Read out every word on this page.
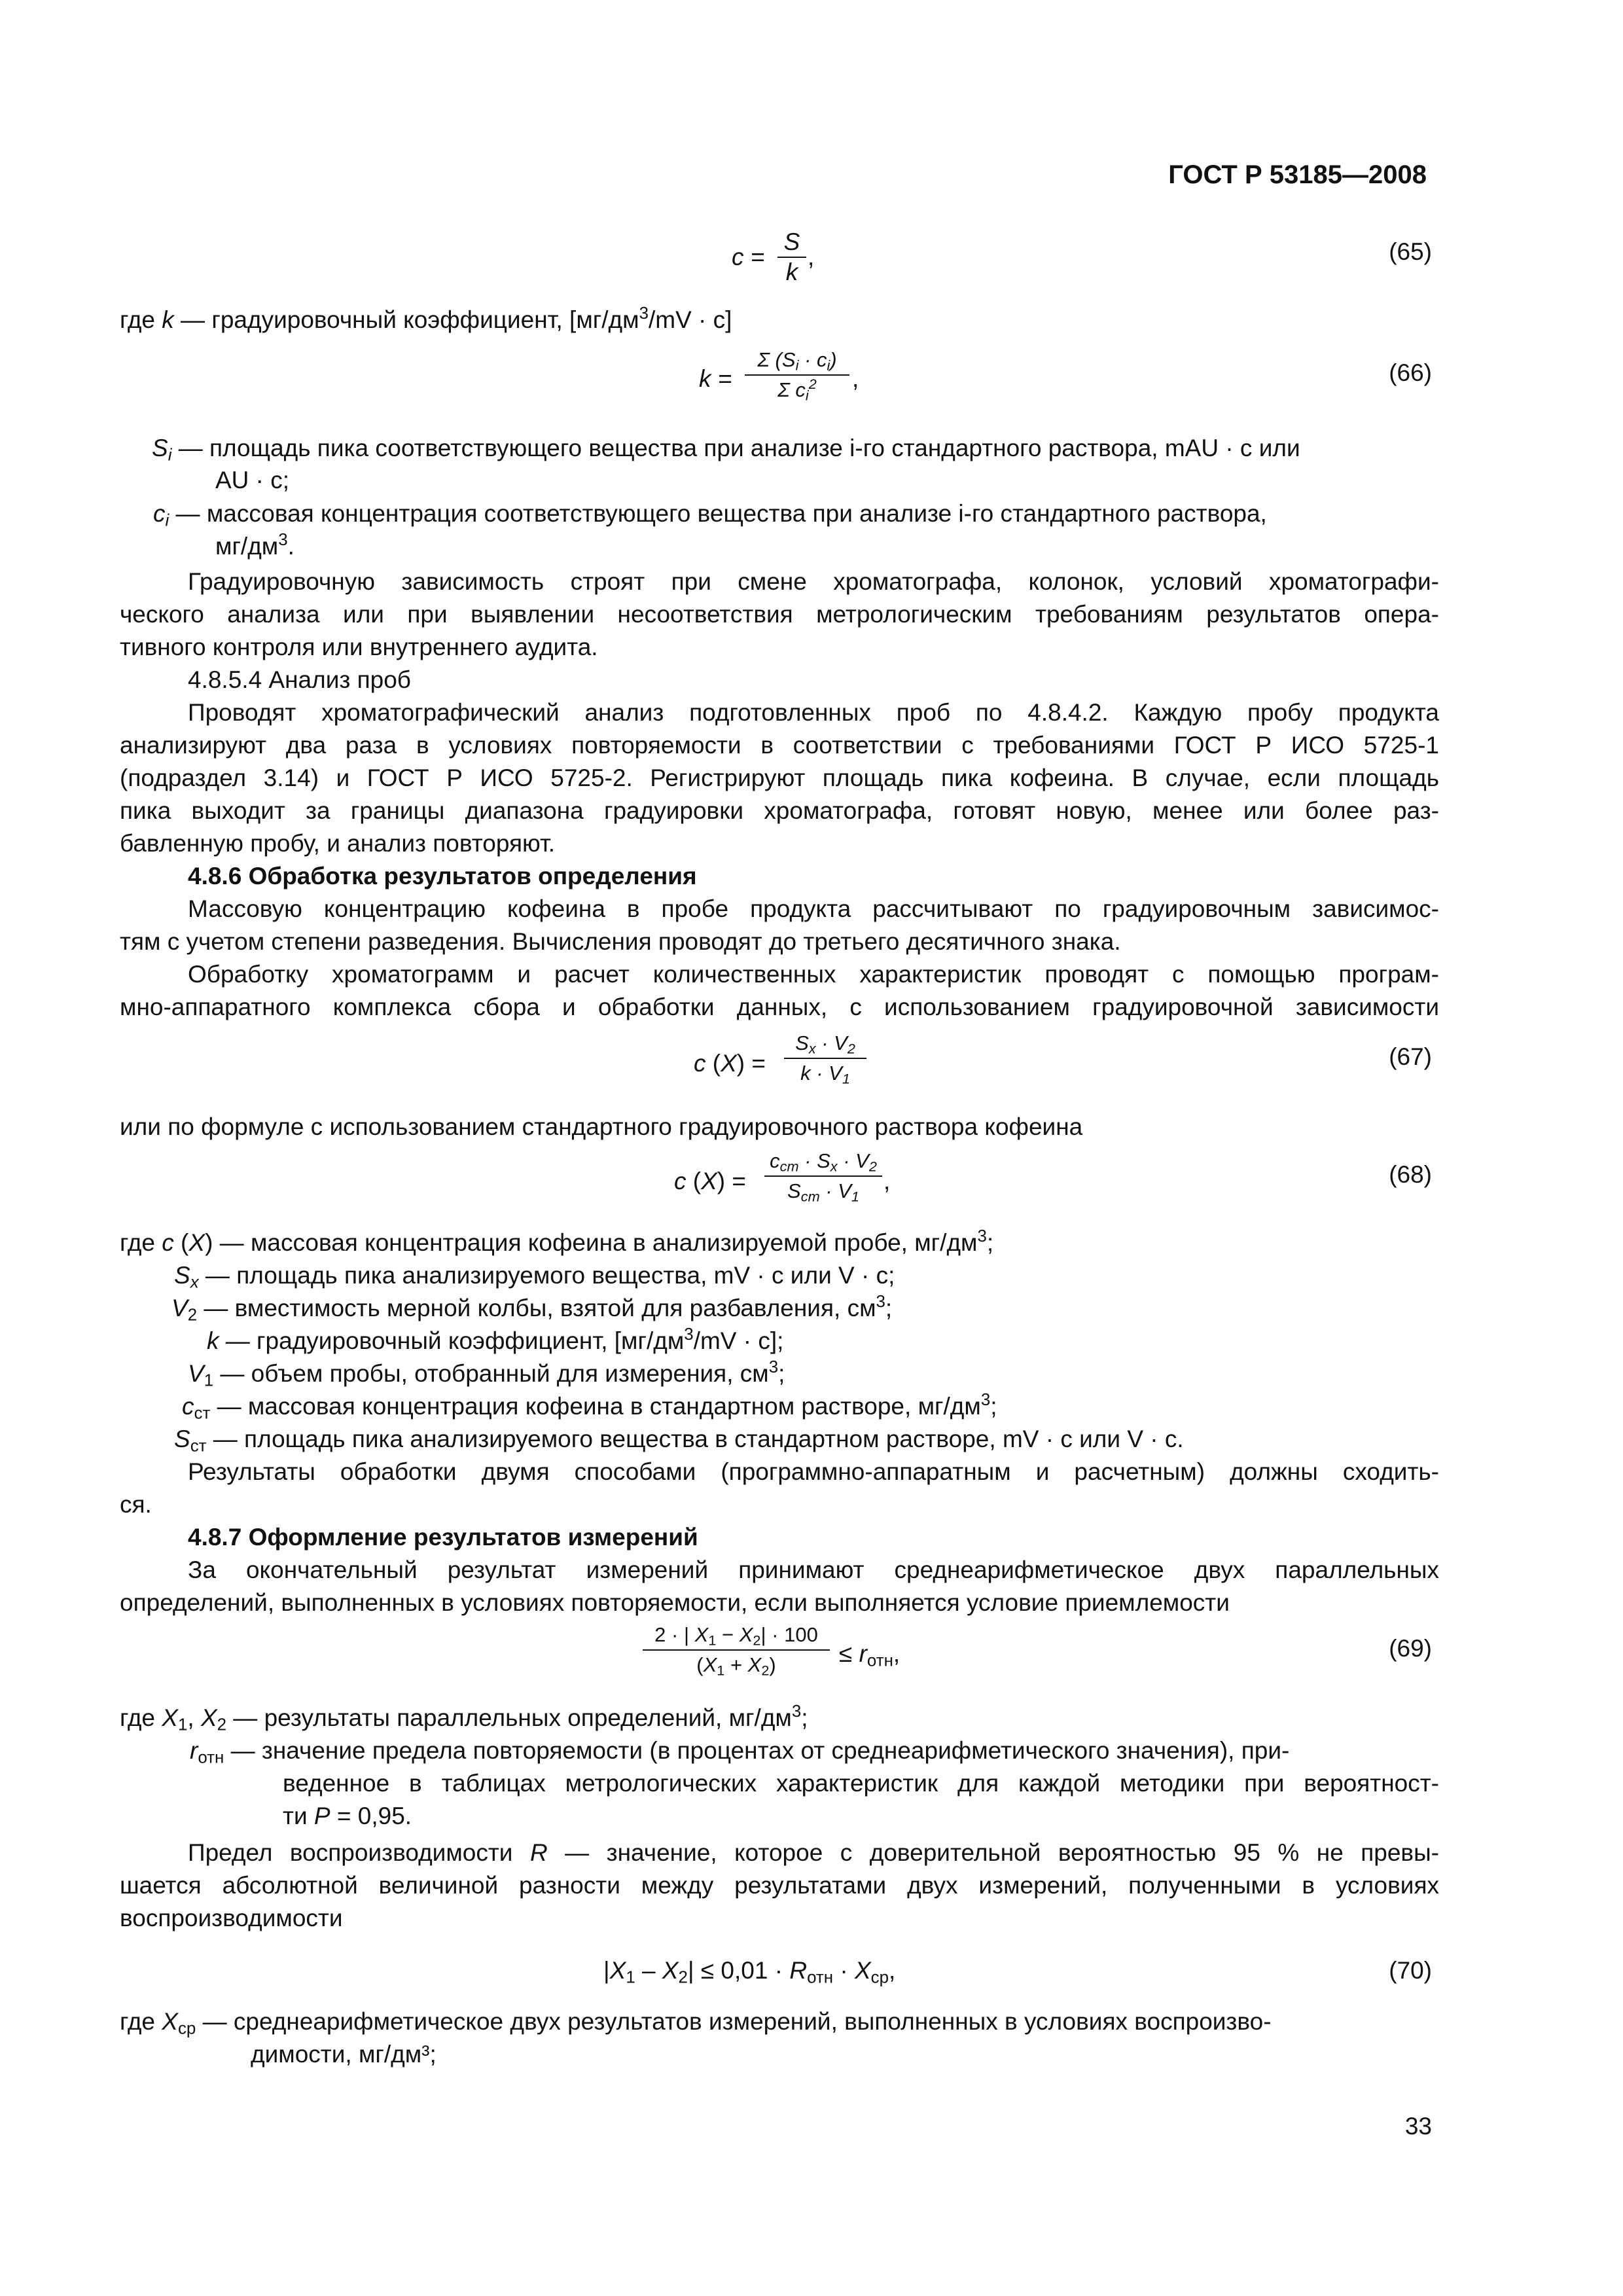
ГОСТ Р 53185—2008
$c = \frac{S}{k}$ ,	(65)
где k — градуировочный коэффициент, $[мг/дм^3/mV \cdot c]$
$k = \frac{\Sigma (S_i \cdot c_i)}{\Sigma c_i^2}$ ,	(66)
$S_i$ — площадь пика соответствующего вещества при анализе i-го стандартного раствора, mAU · с или
AU · c;
$c_i$ — массовая концентрация соответствующего вещества при анализе i-го стандартного раствора,
$мг/дм^3$.
Градуировочную зависимость строят при смене хроматографа, колонок, условий хроматографи-
ческого анализа или при выявлении несоответствия метрологическим требованиям результатов опера-
тивного контроля или внутреннего аудита.
4.8.5.4 Анализ проб
Проводят хроматографический анализ подготовленных проб по 4.8.4.2. Каждую пробу продукта
анализируют два раза в условиях повторяемости в соответствии с требованиями ГОСТ Р ИСО 5725-1
(подраздел 3.14) и ГОСТ Р ИСО 5725-2. Регистрируют площадь пика кофеина. В случае, если площадь
пика выходит за границы диапазона градуировки хроматографа, готовят новую, менее или более раз-
бавленную пробу, и анализ повторяют.
4.8.6 Обработка результатов определения
Массовую концентрацию кофеина в пробе продукта рассчитывают по градуировочным зависимос-
тям с учетом степени разведения. Вычисления проводят до третьего десятичного знака.
Обработку хроматограмм и расчет количественных характеристик проводят с помощью програм-
мно-аппаратного комплекса сбора и обработки данных, с использованием градуировочной зависимости
c $(X) = \frac{S_x \cdot V_2}{k \cdot V_1}$	(67)
или по формуле с использованием стандартного градуировочного раствора кофеина
c (X) =
$c_{ст} \cdot S_x \cdot V_2$
$S_{ст} \cdot V_1$
,	(68)
где c (X) — массовая концентрация кофеина в анализируемой пробе, $мг/дм^3$;
$S_x$ — площадь пика анализируемого вещества, mV · c или V · c;
$V_2$ — вместимость мерной колбы, взятой для разбавления, $см^3$;
k — градуировочный коэффициент, $[мг/дм^3/mV \cdot c]$;
$V_1$ — объем пробы, отобранный для измерения, $см^3$;
$c_{ст}$ — массовая концентрация кофеина в стандартном растворе, $мг/дм^3$;
$S_{ст}$ — площадь пика анализируемого вещества в стандартном растворе, mV · c или V · c.
Результаты обработки двумя способами (программно-аппаратным и расчетным) должны сходить-
ся.
4.8.7 Оформление результатов измерений
За окончательный результат измерений принимают среднеарифметическое двух параллельных
определений, выполненных в условиях повторяемости, если выполняется условие приемлемости
$\frac{2 \cdot | X_1 - X_2| \cdot 100}{(X_1 + X_2)} \le r_{отн}$,	(69)
где $X_1$, $X_2$ — результаты параллельных определений, $мг/дм^3$;
$r_{отн}$ — значение предела повторяемости (в процентах от среднеарифметического значения), при-
веденное в таблицах метрологических характеристик для каждой методики при вероятност-
ти P = 0,95.
Предел воспроизводимости R — значение, которое с доверительной вероятностью 95 % не превы-
шается абсолютной величиной разности между результатами двух измерений, полученными в условиях
воспроизводимости
$|X_1 - X_2| \le 0,01 \cdot R_{отн} \cdot X_{ср}$,	(70)
где $X_{ср}$ — среднеарифметическое двух результатов измерений, выполненных в условиях воспроизво-
димости, мг/дм³;
33
